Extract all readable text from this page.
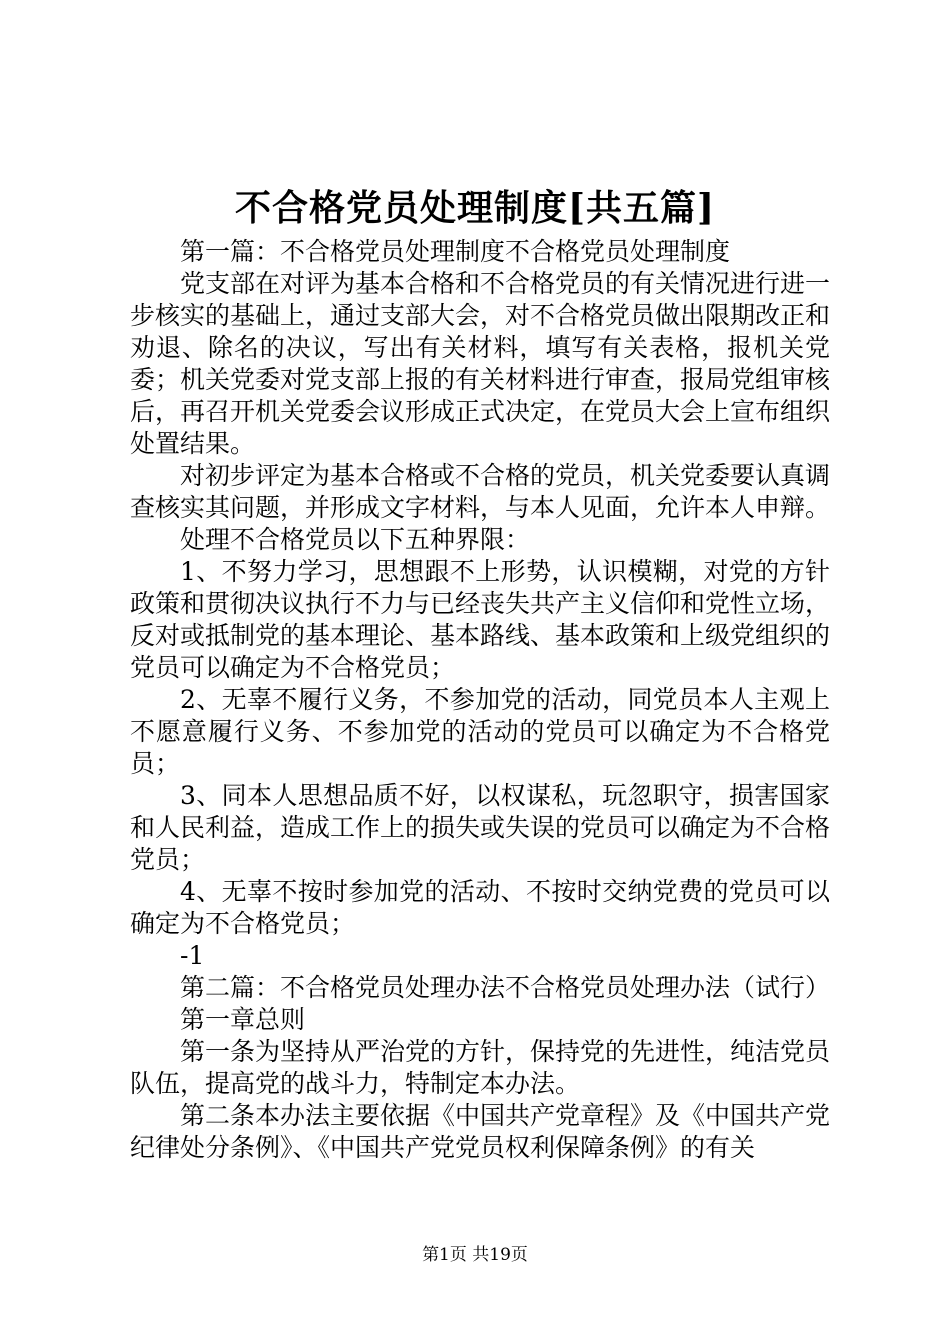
不合格党员处理制度[共五篇]

第一篇：不合格党员处理制度不合格党员处理制度

党支部在对评为基本合格和不合格党员的有关情况进行进一步核实的基础上，通过支部大会，对不合格党员做出限期改正和劝退、除名的决议，写出有关材料，填写有关表格，报机关党委；机关党委对党支部上报的有关材料进行审查，报局党组审核后，再召开机关党委会议形成正式决定，在党员大会上宣布组织处置结果。

对初步评定为基本合格或不合格的党员，机关党委要认真调查核实其问题，并形成文字材料，与本人见面，允许本人申辩。

处理不合格党员以下五种界限：

1、不努力学习，思想跟不上形势，认识模糊，对党的方针政策和贯彻决议执行不力与已经丧失共产主义信仰和党性立场，反对或抵制党的基本理论、基本路线、基本政策和上级党组织的党员可以确定为不合格党员；

2、无辜不履行义务，不参加党的活动，同党员本人主观上不愿意履行义务、不参加党的活动的党员可以确定为不合格党员；

3、同本人思想品质不好，以权谋私，玩忽职守，损害国家和人民利益，造成工作上的损失或失误的党员可以确定为不合格党员；

4、无辜不按时参加党的活动、不按时交纳党费的党员可以确定为不合格党员；

-1

第二篇：不合格党员处理办法不合格党员处理办法（试行）

第一章总则

第一条为坚持从严治党的方针，保持党的先进性，纯洁党员队伍，提高党的战斗力，特制定本办法。

第二条本办法主要依据《中国共产党章程》及《中国共产党纪律处分条例》、《中国共产党党员权利保障条例》的有关

第1页 共19页
